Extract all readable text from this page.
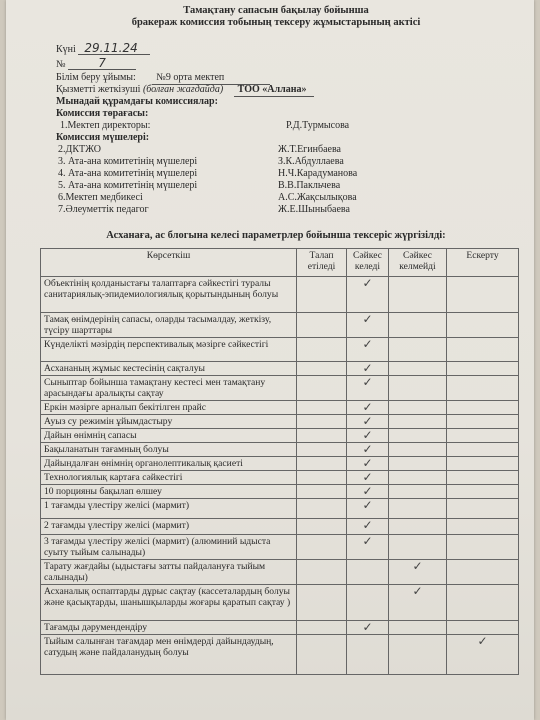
Тамақтану сапасын бақылау бойынша
бракераж комиссия тобының тексеру жұмыстарының актісі
Күні 29.11.24
№	7
Білім беру ұйымы: №9 орта мектеп
Қызметті жеткізуші (болған жағдайда) ТОО «Аллана»
Мынадай құрамдағы комиссиялар:
Комиссия төрағасы:
1.Мектеп директоры:	Р.Д.Турмысова
Комиссия мүшелері:
2.ДКТЖО	Ж.Т.Егинбаева
3. Ата-ана комитетінің мүшелері	З.К.Абдуллаева
4. Ата-ана комитетінің мүшелері	Н.Ч.Карадуманова
5. Ата-ана комитетінің мүшелері	В.В.Пакльчева
6.Мектеп медбикесі	А.С.Жақсылықова
7.Әлеуметтік педагог	Ж.Е.Шыныбаева
Асханаға, ас блогына келесі параметрлер бойынша тексеріс жүргізілді:
Көрсеткіш	Талап етіледі	Сәйкес келеді	Сәйкес келмейді	Ескерту
Объектінің қолданыстағы талаптарға сәйкестігі туралы санитариялық-эпидемиологиялық қорытындының болуы		✓		
Тамақ өнімдерінің сапасы, оларды тасымалдау, жеткізу, түсіру шарттары		✓		
Күнделікті мәзірдің перспективалық мәзірге сәйкестігі		✓		
Асхананың жұмыс кестесінің сақталуы		✓		
Сыныптар бойынша тамақтану кестесі мен тамақтану арасындағы аралықты сақтау		✓		
Еркін мәзірге арналып бекітілген прайс		✓		
Ауыз су режимін ұйымдастыру		✓		
Дайын өнімнің сапасы		✓		
Бақыланатын тағамның болуы		✓		
Дайындалған өнімнің органолептикалық қасиеті		✓		
Технологиялық картаға сәйкестігі		✓		
10 порцияны бақылап өлшеу		✓		
1 тағамды үлестіру желісі (мармит)		✓		
2 тағамды үлестіру желісі (мармит)		✓		
3 тағамды үлестіру желісі (мармит) (алюминий ыдыста суыту тыйым салынады)		✓		
Тарату жағдайы (ыдыстағы затты пайдалануға тыйым салынады)			✓	
Асханалық оспаптарды дұрыс сақтау (кассеталардың болуы және қасықтарды, шанышқыларды жоғары қаратып сақтау )			✓	
Тағамды дәрумендендіру		✓		
Тыйым салынған тағамдар мен өнімдерді дайындаудың, сатудың және пайдаланудың болуы				✓
